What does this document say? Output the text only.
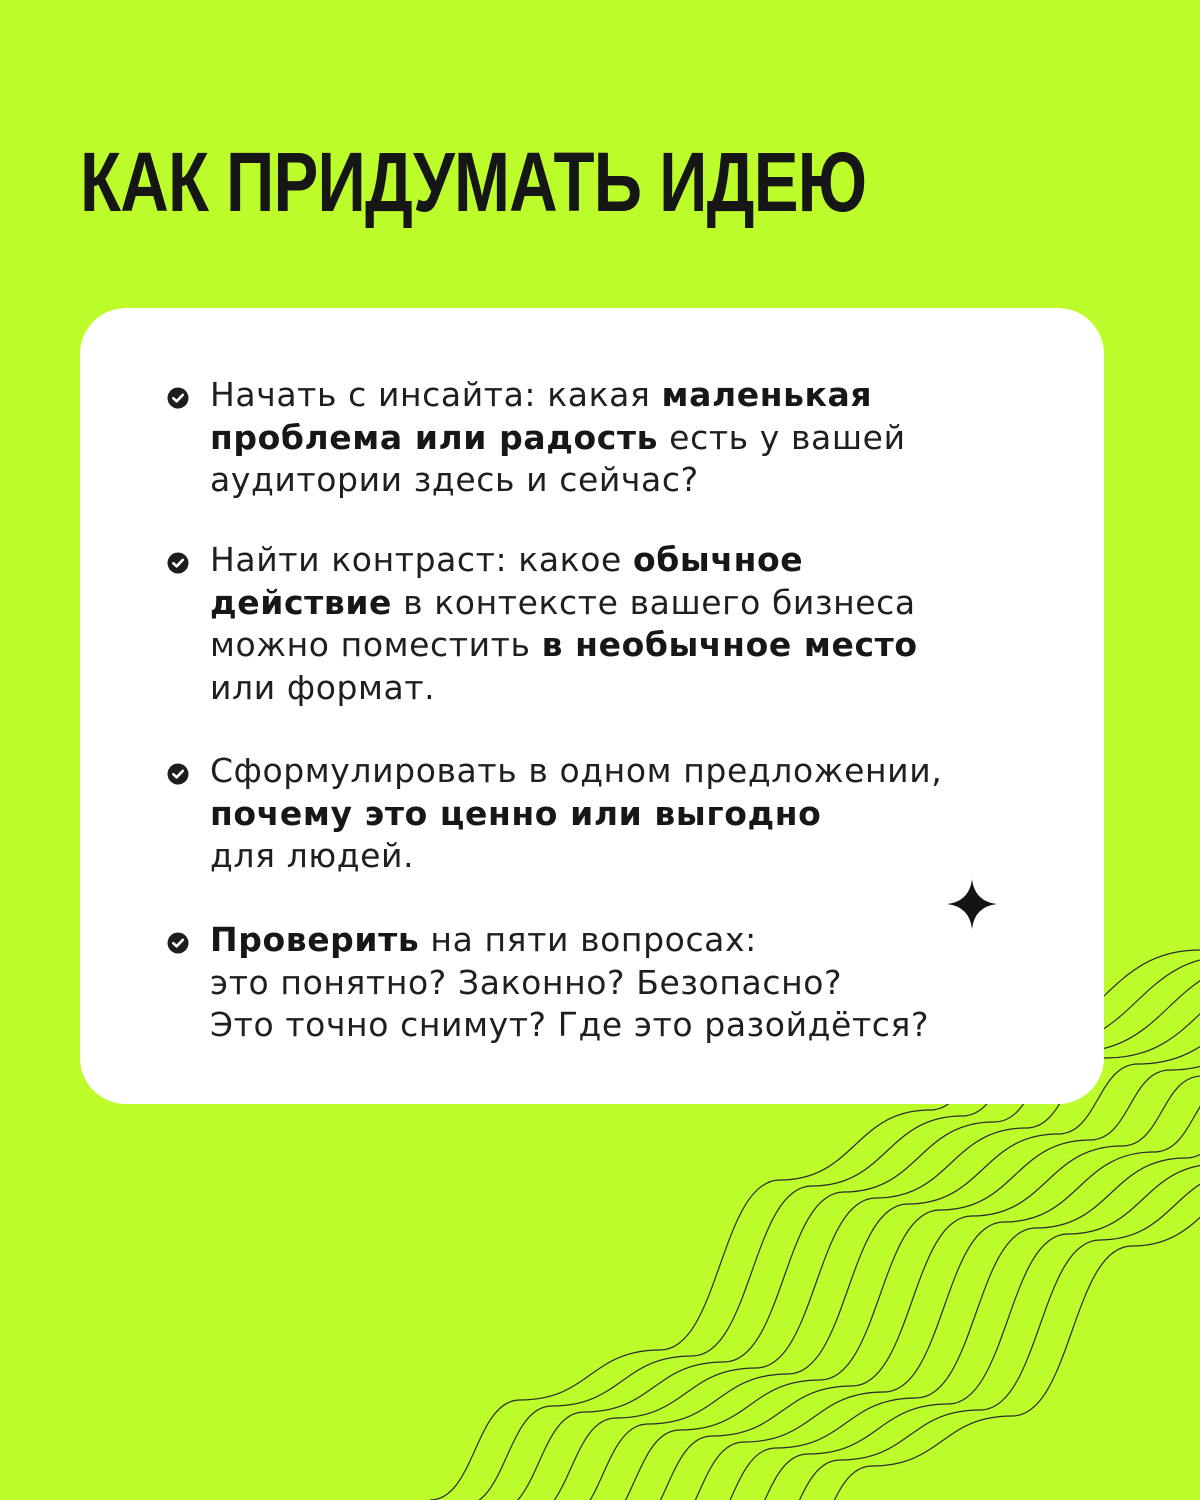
КАК ПРИДУМАТЬ ИДЕЮ

Начать с инсайта: какая маленькая
проблема или радость есть у вашей
аудитории здесь и сейчас?

Найти контраст: какое обычное
действие в контексте вашего бизнеса
можно поместить в необычное место
или формат.

Сформулировать в одном предложении,
почему это ценно или выгодно
для людей.

Проверить на пяти вопросах:
это понятно? Законно? Безопасно?
Это точно снимут? Где это разойдётся?
